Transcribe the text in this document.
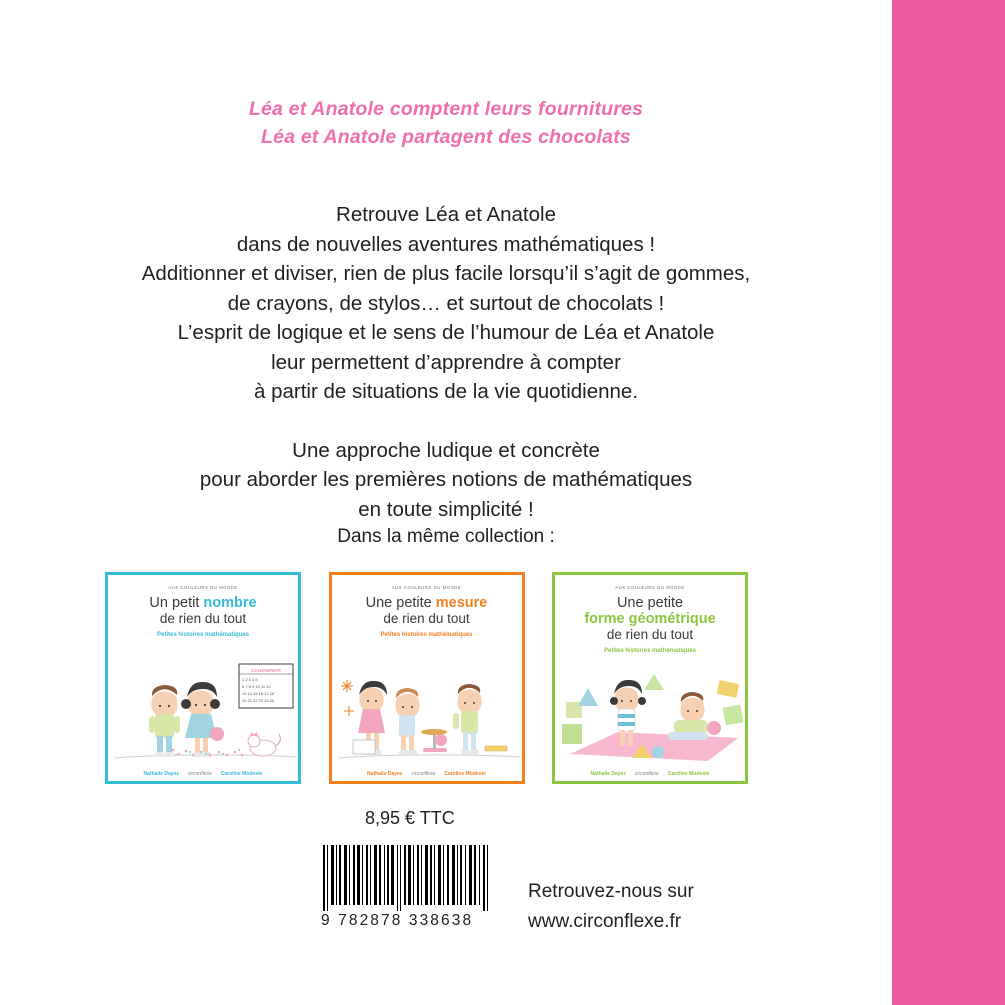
Léa et Anatole comptent leurs fournitures
Léa et Anatole partagent des chocolats
Retrouve Léa et Anatole
dans de nouvelles aventures mathématiques !
Additionner et diviser, rien de plus facile lorsqu’il s’agit de gommes,
de crayons, de stylos… et surtout de chocolats !
L’esprit de logique et le sens de l’humour de Léa et Anatole
leur permettent d’apprendre à compter
à partir de situations de la vie quotidienne.
Une approche ludique et concrète
pour aborder les premières notions de mathématiques
en toute simplicité !
Dans la même collection :
AUX COULEURS DU MONDE
Un petit nombre
de rien du tout
Petites histoires mathématiques
CALENDRIER
1 2 3 4 5
6 7 8 9 10 11 12
13 14 15 16 17 18
20 21 22 23 24 25
Nathalie Dayez circonflexe Caroline Modeste
AUX COULEURS DU MONDE
Une petite mesure
de rien du tout
Petites histoires mathématiques
Nathalie Dayez circonflexe Caroline Modeste
AUX COULEURS DU MONDE
Une petite
forme géométrique
de rien du tout
Petites histoires mathématiques
Nathalie Dayez circonflexe Caroline Modeste
8,95 € TTC
9 782878 338638
Retrouvez-nous sur
www.circonflexe.fr
